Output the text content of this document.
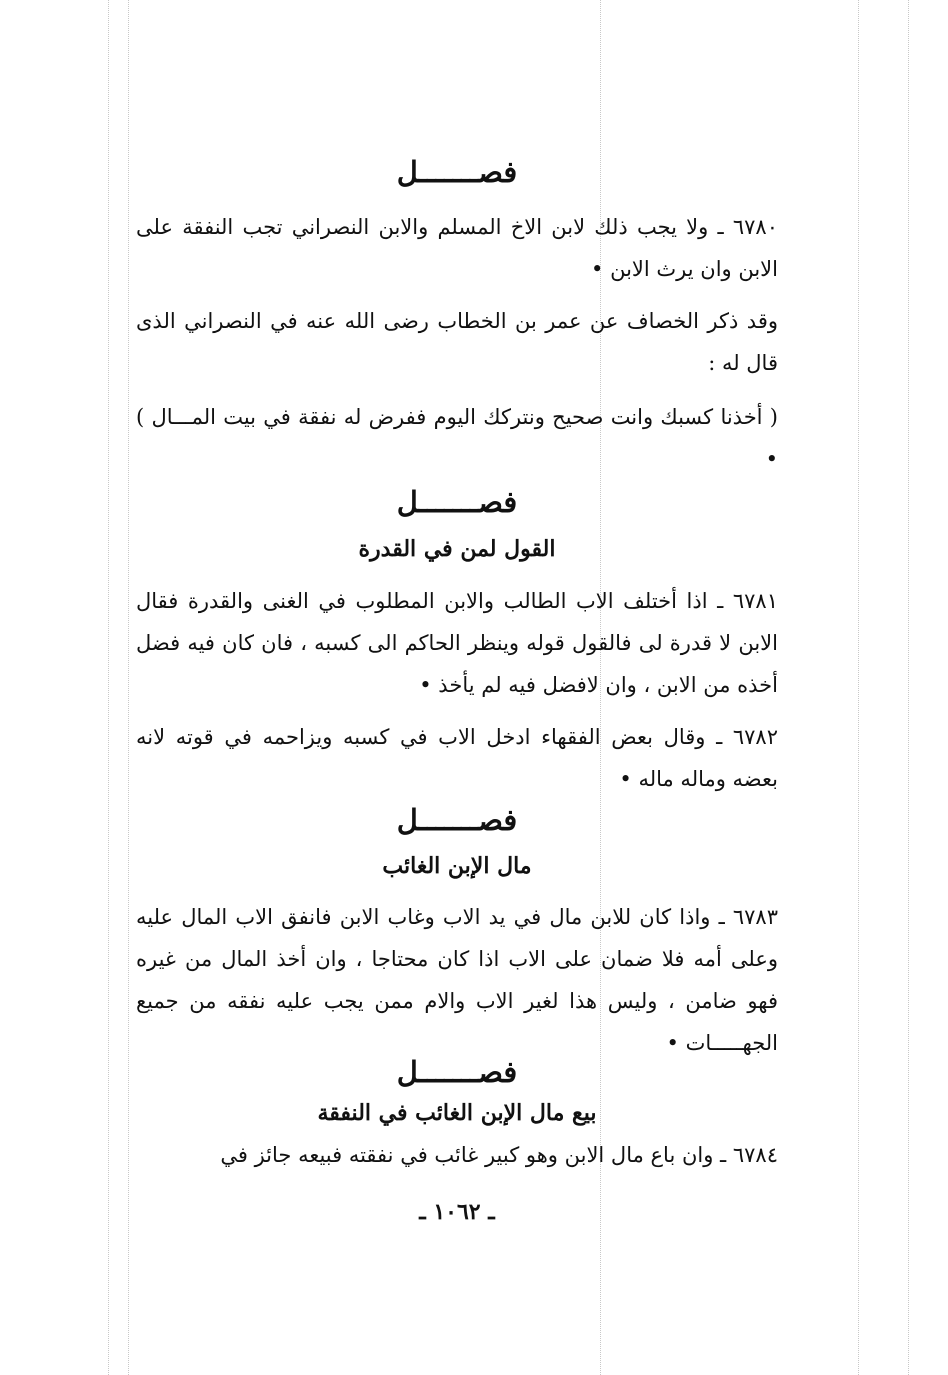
فصـــــــل
٦٧٨٠ ـ ولا يجب ذلك لابن الاخ المسلم والابن النصراني تجب النفقة على الابن وان يرث الابن •
وقد ذكر الخصاف عن عمر بن الخطاب رضى الله عنه في النصراني الذى قال له :
( أخذنا كسبك وانت صحيح ونتركك اليوم ففرض له نفقة في بيت المـــال ) •
فصـــــــل
القول لمن في القدرة
٦٧٨١ ـ اذا أختلف الاب الطالب والابن المطلوب في الغنى والقدرة فقال الابن لا قدرة لى فالقول قوله وينظر الحاكم الى كسبه ، فان كان فيه فضل أخذه من الابن ، وان لافضل فيه لم يأخذ •
٦٧٨٢ ـ وقال بعض الفقهاء ادخل الاب في كسبه ويزاحمه في قوته لانه بعضه وماله ماله •
فصـــــــل
مال الإبن الغائب
٦٧٨٣ ـ واذا كان للابن مال في يد الاب وغاب الابن فانفق الاب المال عليه وعلى أمه فلا ضمان على الاب اذا كان محتاجا ، وان أخذ المال من غيره فهو ضامن ، وليس هذا لغير الاب والام ممن يجب عليه نفقه من جميع الجهـــــات •
فصـــــــل
بيع مال الإبن الغائب في النفقة
٦٧٨٤ ـ وان باع مال الابن وهو كبير غائب في نفقته فبيعه جائز في
ـ ١٠٦٢ ـ
